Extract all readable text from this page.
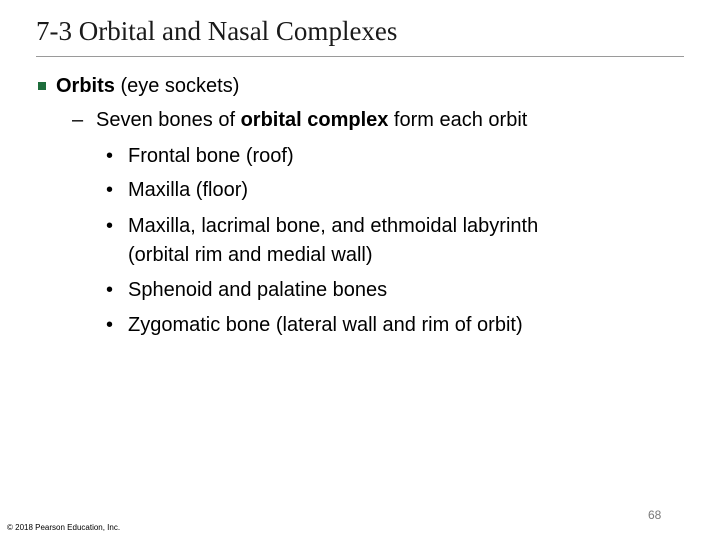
7-3 Orbital and Nasal Complexes
Orbits (eye sockets)
– Seven bones of orbital complex form each orbit
• Frontal bone (roof)
• Maxilla (floor)
• Maxilla, lacrimal bone, and ethmoidal labyrinth
(orbital rim and medial wall)
• Sphenoid and palatine bones
• Zygomatic bone (lateral wall and rim of orbit)
68
© 2018 Pearson Education, Inc.
